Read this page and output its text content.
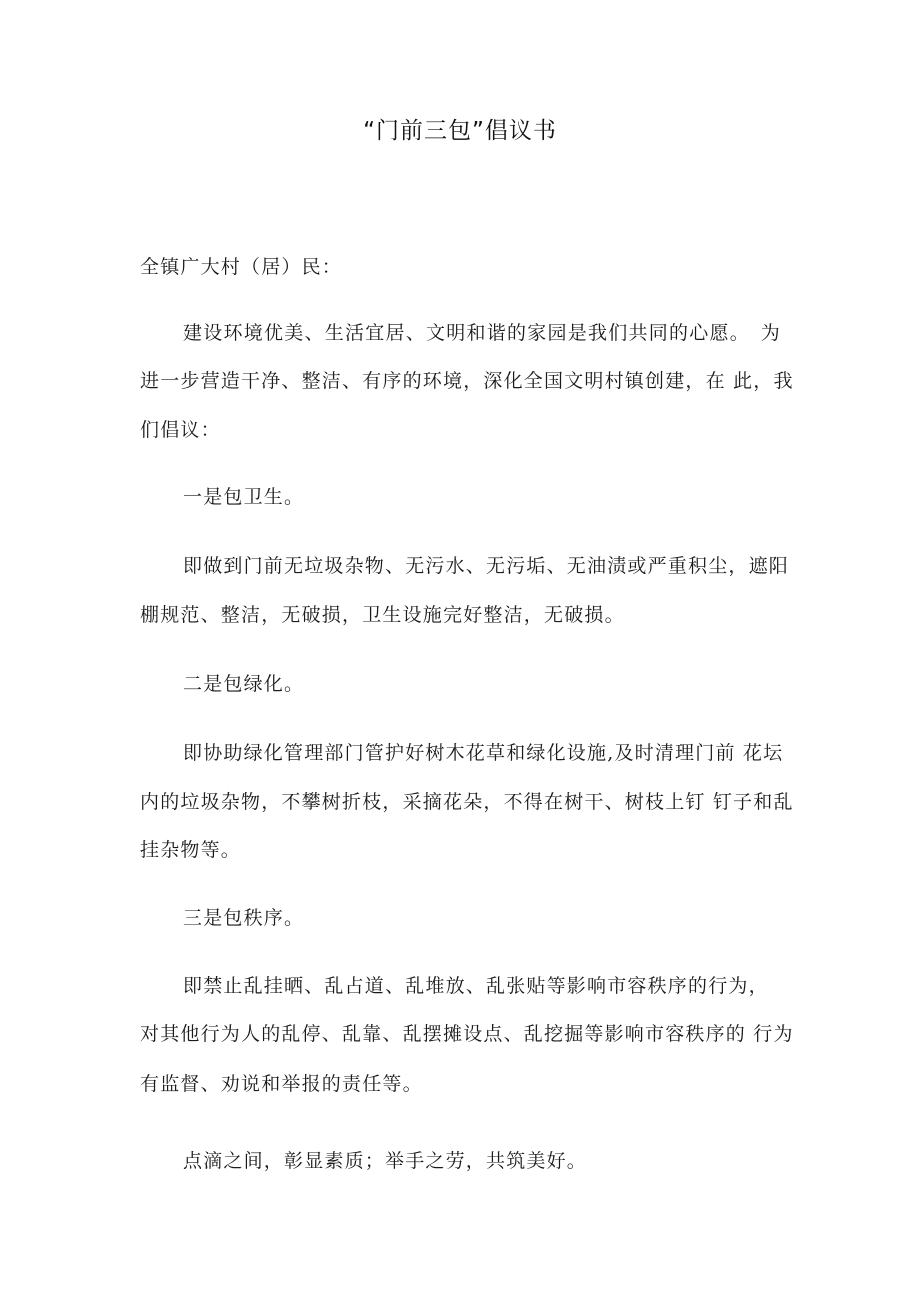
“门前三包”倡议书
全镇广大村（居）民：
建设环境优美、生活宜居、文明和谐的家园是我们共同的心愿。　为
进一步营造干净、整洁、有序的环境，深化全国文明村镇创建，在 此，我
们倡议：
一是包卫生。
即做到门前无垃圾杂物、无污水、无污垢、无油渍或严重积尘，遮阳
棚规范、整洁，无破损，卫生设施完好整洁，无破损。
二是包绿化。
即协助绿化管理部门管护好树木花草和绿化设施,及时清理门前 花坛
内的垃圾杂物，不攀树折枝，采摘花朵，不得在树干、树枝上钉 钉子和乱
挂杂物等。
三是包秩序。
即禁止乱挂晒、乱占道、乱堆放、乱张贴等影响市容秩序的行为，
对其他行为人的乱停、乱靠、乱摆摊设点、乱挖掘等影响市容秩序的 行为
有监督、劝说和举报的责任等。
点滴之间，彰显素质；举手之劳，共筑美好。
